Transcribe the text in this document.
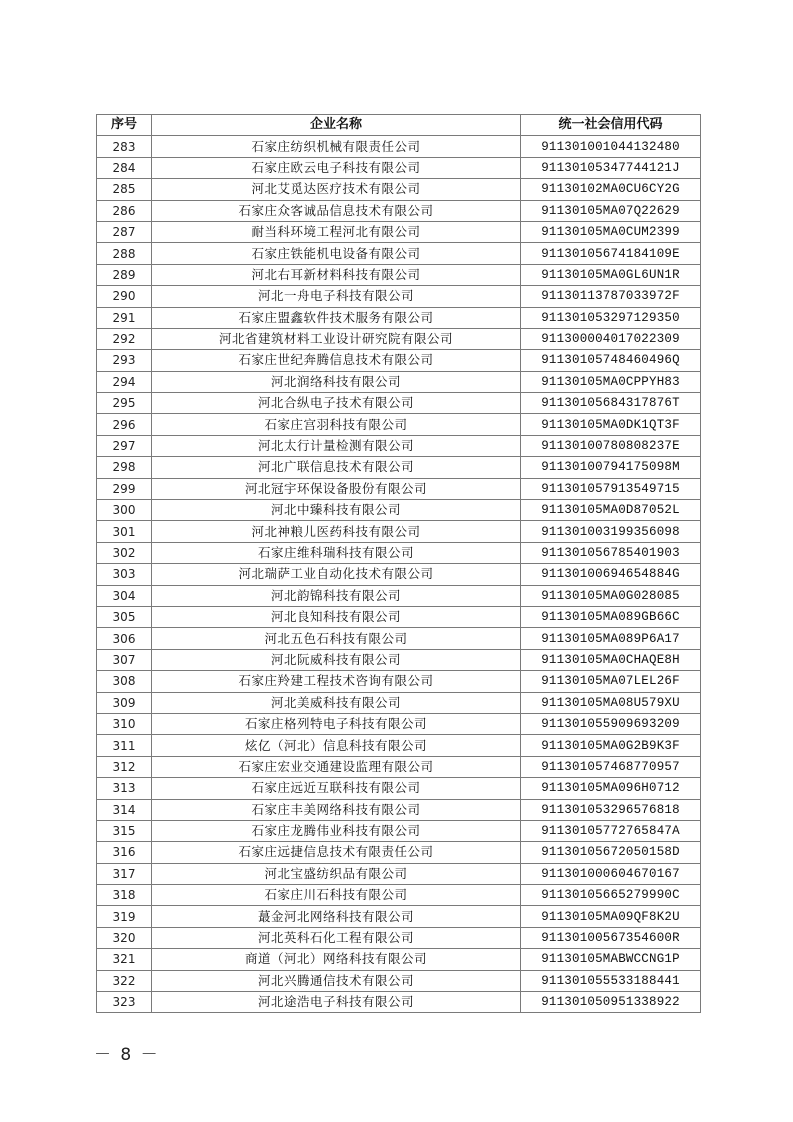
序号	企业名称	统一社会信用代码
283	石家庄纺织机械有限责任公司	911301001044132480
284	石家庄欧云电子科技有限公司	91130105347744121J
285	河北艾觅达医疗技术有限公司	91130102MA0CU6CY2G
286	石家庄众客诚品信息技术有限公司	91130105MA07Q22629
287	耐当科环境工程河北有限公司	91130105MA0CUM2399
288	石家庄铁能机电设备有限公司	91130105674184109E
289	河北右耳新材料科技有限公司	91130105MA0GL6UN1R
290	河北一舟电子科技有限公司	91130113787033972F
291	石家庄盟鑫软件技术服务有限公司	911301053297129350
292	河北省建筑材料工业设计研究院有限公司	911300004017022309
293	石家庄世纪奔腾信息技术有限公司	91130105748460496Q
294	河北润络科技有限公司	91130105MA0CPPYH83
295	河北合纵电子技术有限公司	91130105684317876T
296	石家庄宫羽科技有限公司	91130105MA0DK1QT3F
297	河北太行计量检测有限公司	91130100780808237E
298	河北广联信息技术有限公司	91130100794175098M
299	河北冠宇环保设备股份有限公司	911301057913549715
300	河北中臻科技有限公司	91130105MA0D87052L
301	河北神粮儿医药科技有限公司	911301003199356098
302	石家庄维科瑞科技有限公司	911301056785401903
303	河北瑞萨工业自动化技术有限公司	91130100694654884G
304	河北韵锦科技有限公司	91130105MA0G028085
305	河北良知科技有限公司	91130105MA089GB66C
306	河北五色石科技有限公司	91130105MA089P6A17
307	河北阮威科技有限公司	91130105MA0CHAQE8H
308	石家庄羚建工程技术咨询有限公司	91130105MA07LEL26F
309	河北美威科技有限公司	91130105MA08U579XU
310	石家庄格列特电子科技有限公司	911301055909693209
311	炫亿（河北）信息科技有限公司	91130105MA0G2B9K3F
312	石家庄宏业交通建设监理有限公司	911301057468770957
313	石家庄远近互联科技有限公司	91130105MA096H0712
314	石家庄丰美网络科技有限公司	911301053296576818
315	石家庄龙腾伟业科技有限公司	91130105772765847A
316	石家庄远捷信息技术有限责任公司	91130105672050158D
317	河北宝盛纺织品有限公司	911301000604670167
318	石家庄川石科技有限公司	91130105665279990C
319	蕞金河北网络科技有限公司	91130105MA09QF8K2U
320	河北英科石化工程有限公司	91130100567354600R
321	商道（河北）网络科技有限公司	91130105MABWCCNG1P
322	河北兴腾通信技术有限公司	911301055533188441
323	河北途浩电子科技有限公司	911301050951338922
－ 8 －
